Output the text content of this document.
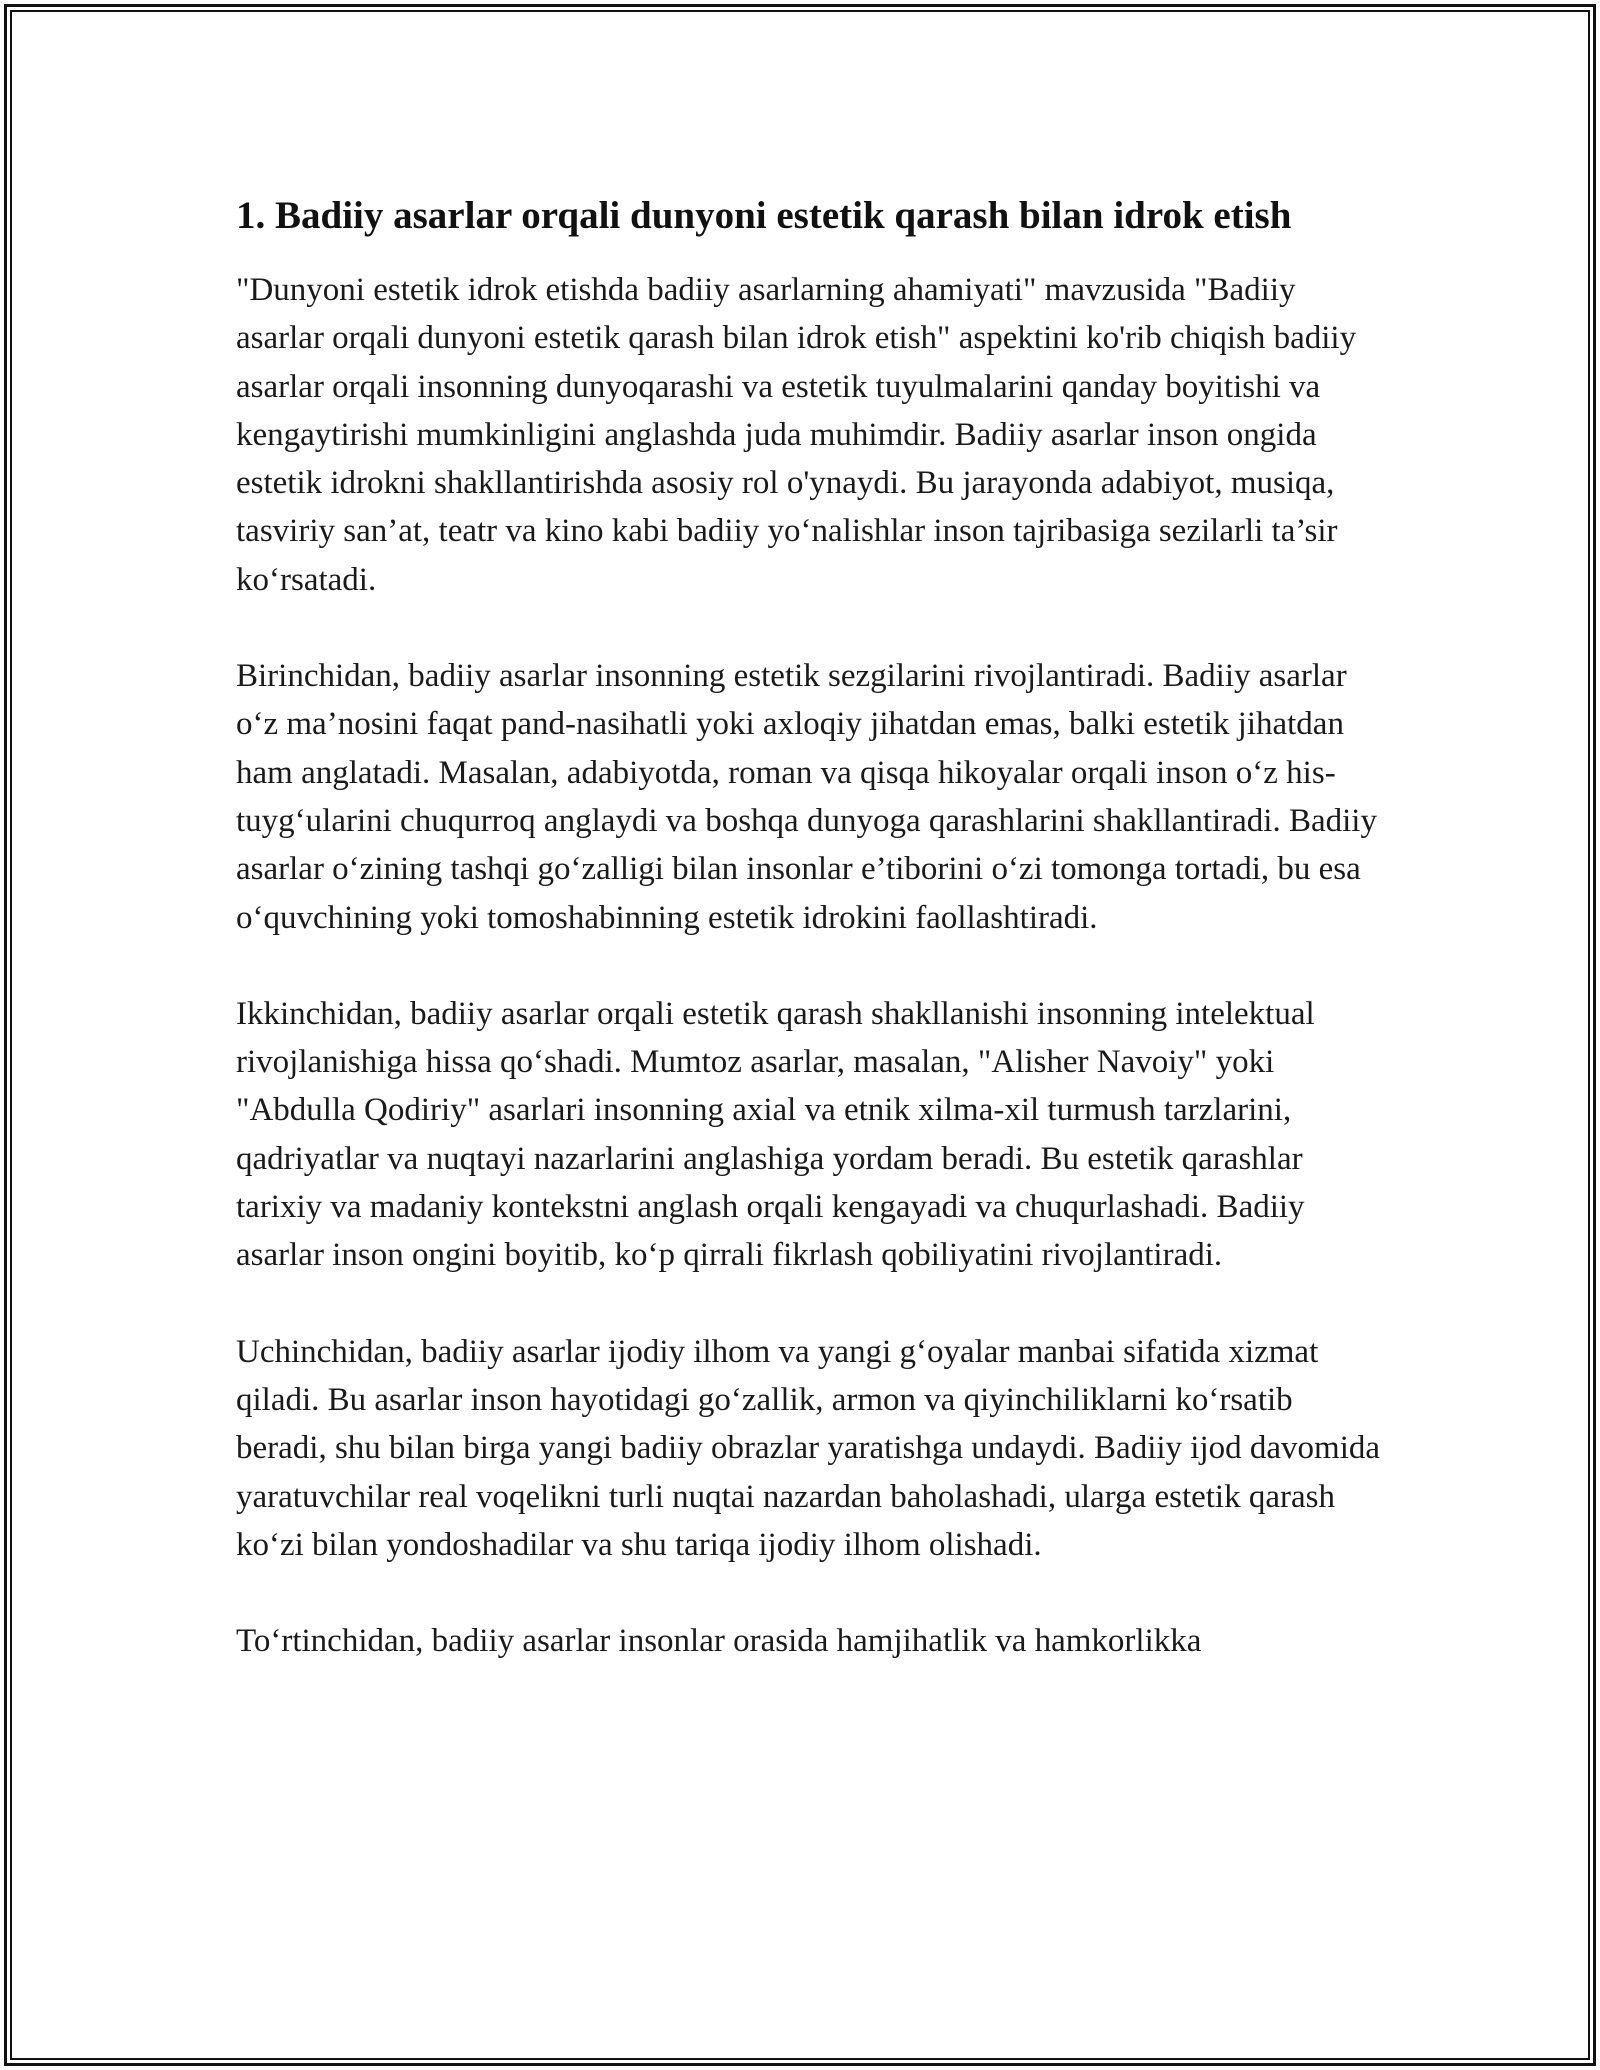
1. Badiiy asarlar orqali dunyoni estetik qarash bilan idrok etish

"Dunyoni estetik idrok etishda badiiy asarlarning ahamiyati" mavzusida "Badiiy asarlar orqali dunyoni estetik qarash bilan idrok etish" aspektini ko'rib chiqish badiiy asarlar orqali insonning dunyoqarashi va estetik tuyulmalarini qanday boyitishi va kengaytirishi mumkinligini anglashda juda muhimdir. Badiiy asarlar inson ongida estetik idrokni shakllantirishda asosiy rol o'ynaydi. Bu jarayonda adabiyot, musiqa, tasviriy san’at, teatr va kino kabi badiiy yo‘nalishlar inson tajribasiga sezilarli ta’sir ko‘rsatadi.

Birinchidan, badiiy asarlar insonning estetik sezgilarini rivojlantiradi. Badiiy asarlar o‘z ma’nosini faqat pand-nasihatli yoki axloqiy jihatdan emas, balki estetik jihatdan ham anglatadi. Masalan, adabiyotda, roman va qisqa hikoyalar orqali inson o‘z his-tuyg‘ularini chuqurroq anglaydi va boshqa dunyoga qarashlarini shakllantiradi. Badiiy asarlar o‘zining tashqi go‘zalligi bilan insonlar e’tiborini o‘zi tomonga tortadi, bu esa o‘quvchining yoki tomoshabinning estetik idrokini faollashtiradi.

Ikkinchidan, badiiy asarlar orqali estetik qarash shakllanishi insonning intelektual rivojlanishiga hissa qo‘shadi. Mumtoz asarlar, masalan, "Alisher Navoiy" yoki "Abdulla Qodiriy" asarlari insonning axial va etnik xilma-xil turmush tarzlarini, qadriyatlar va nuqtayi nazarlarini anglashiga yordam beradi. Bu estetik qarashlar tarixiy va madaniy kontekstni anglash orqali kengayadi va chuqurlashadi. Badiiy asarlar inson ongini boyitib, ko‘p qirrali fikrlash qobiliyatini rivojlantiradi.

Uchinchidan, badiiy asarlar ijodiy ilhom va yangi g‘oyalar manbai sifatida xizmat qiladi. Bu asarlar inson hayotidagi go‘zallik, armon va qiyinchiliklarni ko‘rsatib beradi, shu bilan birga yangi badiiy obrazlar yaratishga undaydi. Badiiy ijod davomida yaratuvchilar real voqelikni turli nuqtai nazardan baholashadi, ularga estetik qarash ko‘zi bilan yondoshadilar va shu tariqa ijodiy ilhom olishadi.

To‘rtinchidan, badiiy asarlar insonlar orasida hamjihatlik va hamkorlikka
